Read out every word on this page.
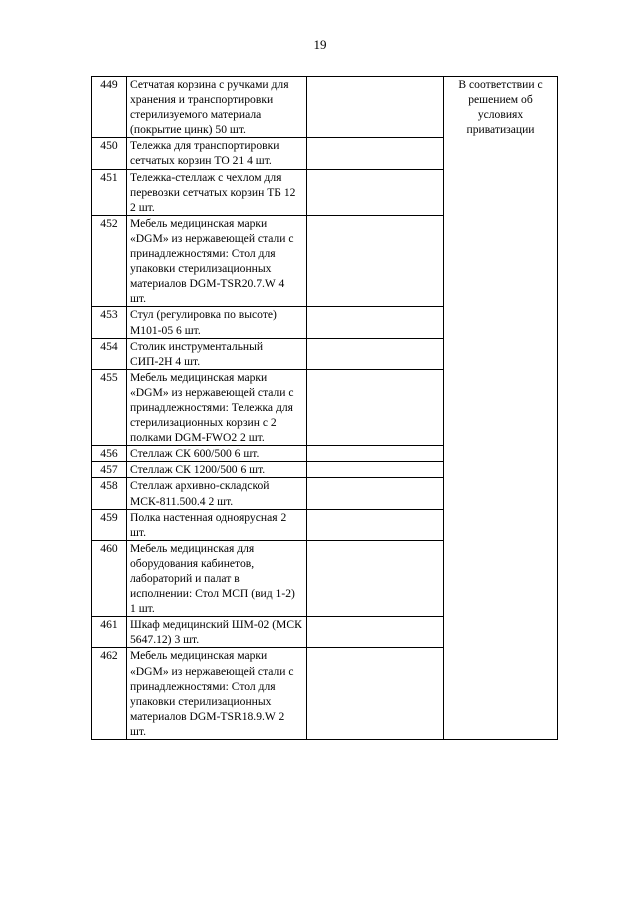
19
449	Сетчатая корзина с ручками для хранения и транспортировки стерилизуемого материала (покрытие цинк) 50 шт.		В соответствии с решением об условиях приватизации
450	Тележка для транспортировки сетчатых корзин ТО 21 4 шт.		
451	Тележка-стеллаж с чехлом для перевозки сетчатых корзин ТБ 12 2 шт.		
452	Мебель медицинская марки «DGM» из нержавеющей стали с принадлежностями: Стол для упаковки стерилизационных материалов DGM-TSR20.7.W 4 шт.		
453	Стул (регулировка по высоте) М101-05 6 шт.		
454	Столик инструментальный СИП-2Н 4 шт.		
455	Мебель медицинская марки «DGM» из нержавеющей стали с принадлежностями: Тележка для стерилизационных корзин с 2 полками DGM-FWO2 2 шт.		
456	Стеллаж СК 600/500 6 шт.		
457	Стеллаж СК 1200/500 6 шт.		
458	Стеллаж архивно-складской МСК-811.500.4 2 шт.		
459	Полка настенная одноярусная 2 шт.		
460	Мебель медицинская для оборудования кабинетов, лабораторий и палат в исполнении: Стол МСП (вид 1-2) 1 шт.		
461	Шкаф медицинский ШМ-02 (МСК 5647.12) 3 шт.		
462	Мебель медицинская марки «DGM» из нержавеющей стали с принадлежностями: Стол для упаковки стерилизационных материалов DGM-TSR18.9.W 2 шт.		
